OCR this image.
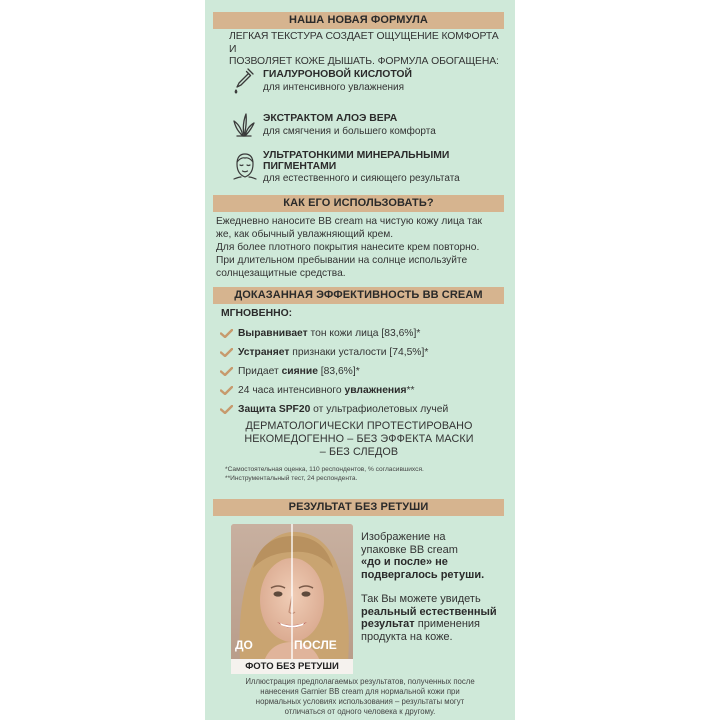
НАША НОВАЯ ФОРМУЛА
ЛЕГКАЯ ТЕКСТУРА СОЗДАЕТ ОЩУЩЕНИЕ КОМФОРТА И
ПОЗВОЛЯЕТ КОЖЕ ДЫШАТЬ. ФОРМУЛА ОБОГАЩЕНА:
ГИАЛУРОНОВОЙ КИСЛОТОЙ
для интенсивного увлажнения
ЭКСТРАКТОМ АЛОЭ ВЕРА
для смягчения и большего комфорта
УЛЬТРАТОНКИМИ МИНЕРАЛЬНЫМИ
ПИГМЕНТАМИ
для естественного и сияющего результата
КАК ЕГО ИСПОЛЬЗОВАТЬ?
Ежедневно наносите BB cream на чистую кожу лица так
же, как обычный увлажняющий крем.
Для более плотного покрытия нанесите крем повторно.
При длительном пребывании на солнце используйте
солнцезащитные средства.
ДОКАЗАННАЯ ЭФФЕКТИВНОСТЬ BB CREAM
МГНОВЕННО:
Выравнивает тон кожи лица [83,6%]*
Устраняет признаки усталости [74,5%]*
Придает сияние [83,6%]*
24 часа интенсивного увлажнения**
Защита SPF20 от ультрафиолетовых лучей
ДЕРМАТОЛОГИЧЕСКИ ПРОТЕСТИРОВАНО
НЕКОМЕДОГЕННО – БЕЗ ЭФФЕКТА МАСКИ
– БЕЗ СЛЕДОВ
*Самостоятельная оценка, 110 респондентов, % согласившихся.
**Инструментальный тест, 24 респондента.
РЕЗУЛЬТАТ БЕЗ РЕТУШИ
ДО	ПОСЛЕ
ФОТО БЕЗ РЕТУШИ
Изображение на
упаковке BB cream
«до и после» не
подвергалось ретуши.
Так Вы можете увидеть
реальный естественный
результат применения
продукта на коже.
Иллюстрация предполагаемых результатов, полученных после
нанесения Garnier BB cream для нормальной кожи при
нормальных условиях использования – результаты могут
отличаться от одного человека к другому.
